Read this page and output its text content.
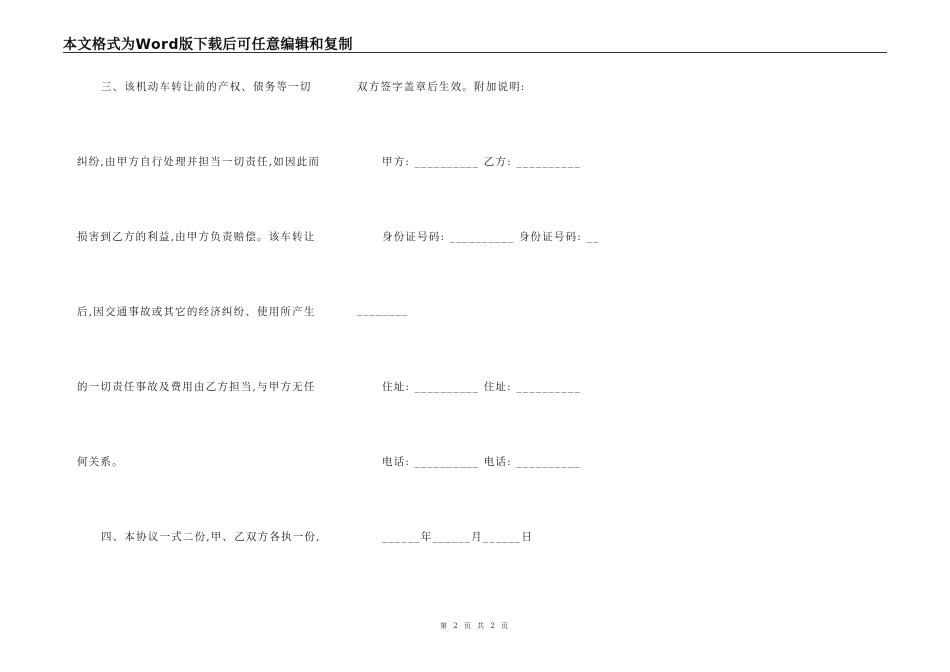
本文格式为Word版下载后可任意编辑和复制
三、该机动车转让前的产权、债务等一切
纠纷,由甲方自行处理并担当一切责任,如因此而
损害到乙方的利益,由甲方负责赔偿。该车转让
后,因交通事故或其它的经济纠纷、使用所产生
的一切责任事故及费用由乙方担当,与甲方无任
何关系。
四、本协议一式二份,甲、乙双方各执一份,
双方签字盖章后生效。附加说明:
甲方: __________ 乙方: __________
身份证号码: __________ 身份证号码: __
________
住址: __________ 住址: __________
电话: __________ 电话: __________
______年______月______日
第 2 页 共 2 页
